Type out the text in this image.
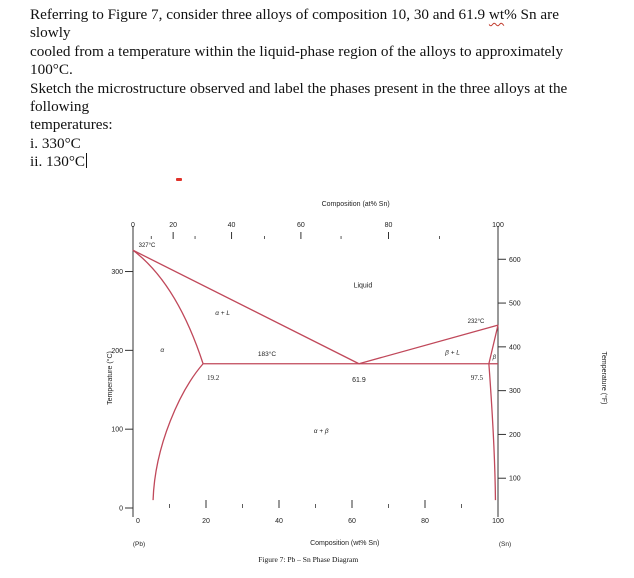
Referring to Figure 7, consider three alloys of composition 10, 30 and 61.9 wt% Sn are

slowly

cooled from a temperature within the liquid-phase region of the alloys to approximately

100°C.

Sketch the microstructure observed and label the phases present in the three alloys at the

following

temperatures:

i. 330°C

ii. 130°C

0	20	40	60	80	100
Composition (at% Sn)
0	20	40	60	80	100
Composition (wt% Sn)
(Pb)	(Sn)
0
100
200
300
Temperature (°C)
100
200
300
400
500
600
Temperature (°F)
327°C
232°C
183°C
61.9
19.2	97.5
Liquid
α + L
β + L
α + β
α
β
Figure 7: Pb – Sn Phase Diagram
